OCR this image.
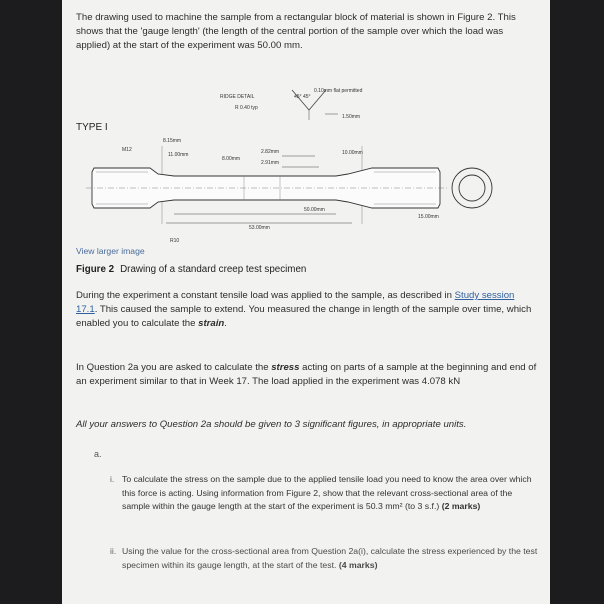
The drawing used to machine the sample from a rectangular block of material is shown in Figure 2. This shows that the 'gauge length' (the length of the central portion of the sample over which the load was applied) at the start of the experiment was 50.00 mm.

TYPE I
RIDGE DETAIL
R 0.40 typ
45° 45°
0.10mm flat permitted
1.50mm
M12
8.15mm
11.00mm
8.00mm
2.82mm
2.91mm
10.00mm
15.00mm
50.00mm
53.00mm
R10
View larger image
Figure 2 Drawing of a standard creep test specimen

During the experiment a constant tensile load was applied to the sample, as described in Study session 17.1. This caused the sample to extend. You measured the change in length of the sample over time, which enabled you to calculate the strain.

In Question 2a you are asked to calculate the stress acting on parts of a sample at the beginning and end of an experiment similar to that in Week 17. The load applied in the experiment was 4.078 kN

All your answers to Question 2a should be given to 3 significant figures, in appropriate units.

a.

i. To calculate the stress on the sample due to the applied tensile load you need to know the area over which this force is acting. Using information from Figure 2, show that the relevant cross-sectional area of the sample within the gauge length at the start of the experiment is 50.3 mm² (to 3 s.f.) (2 marks)

ii. Using the value for the cross-sectional area from Question 2a(i), calculate the stress experienced by the test specimen within its gauge length, at the start of the test. (4 marks)
